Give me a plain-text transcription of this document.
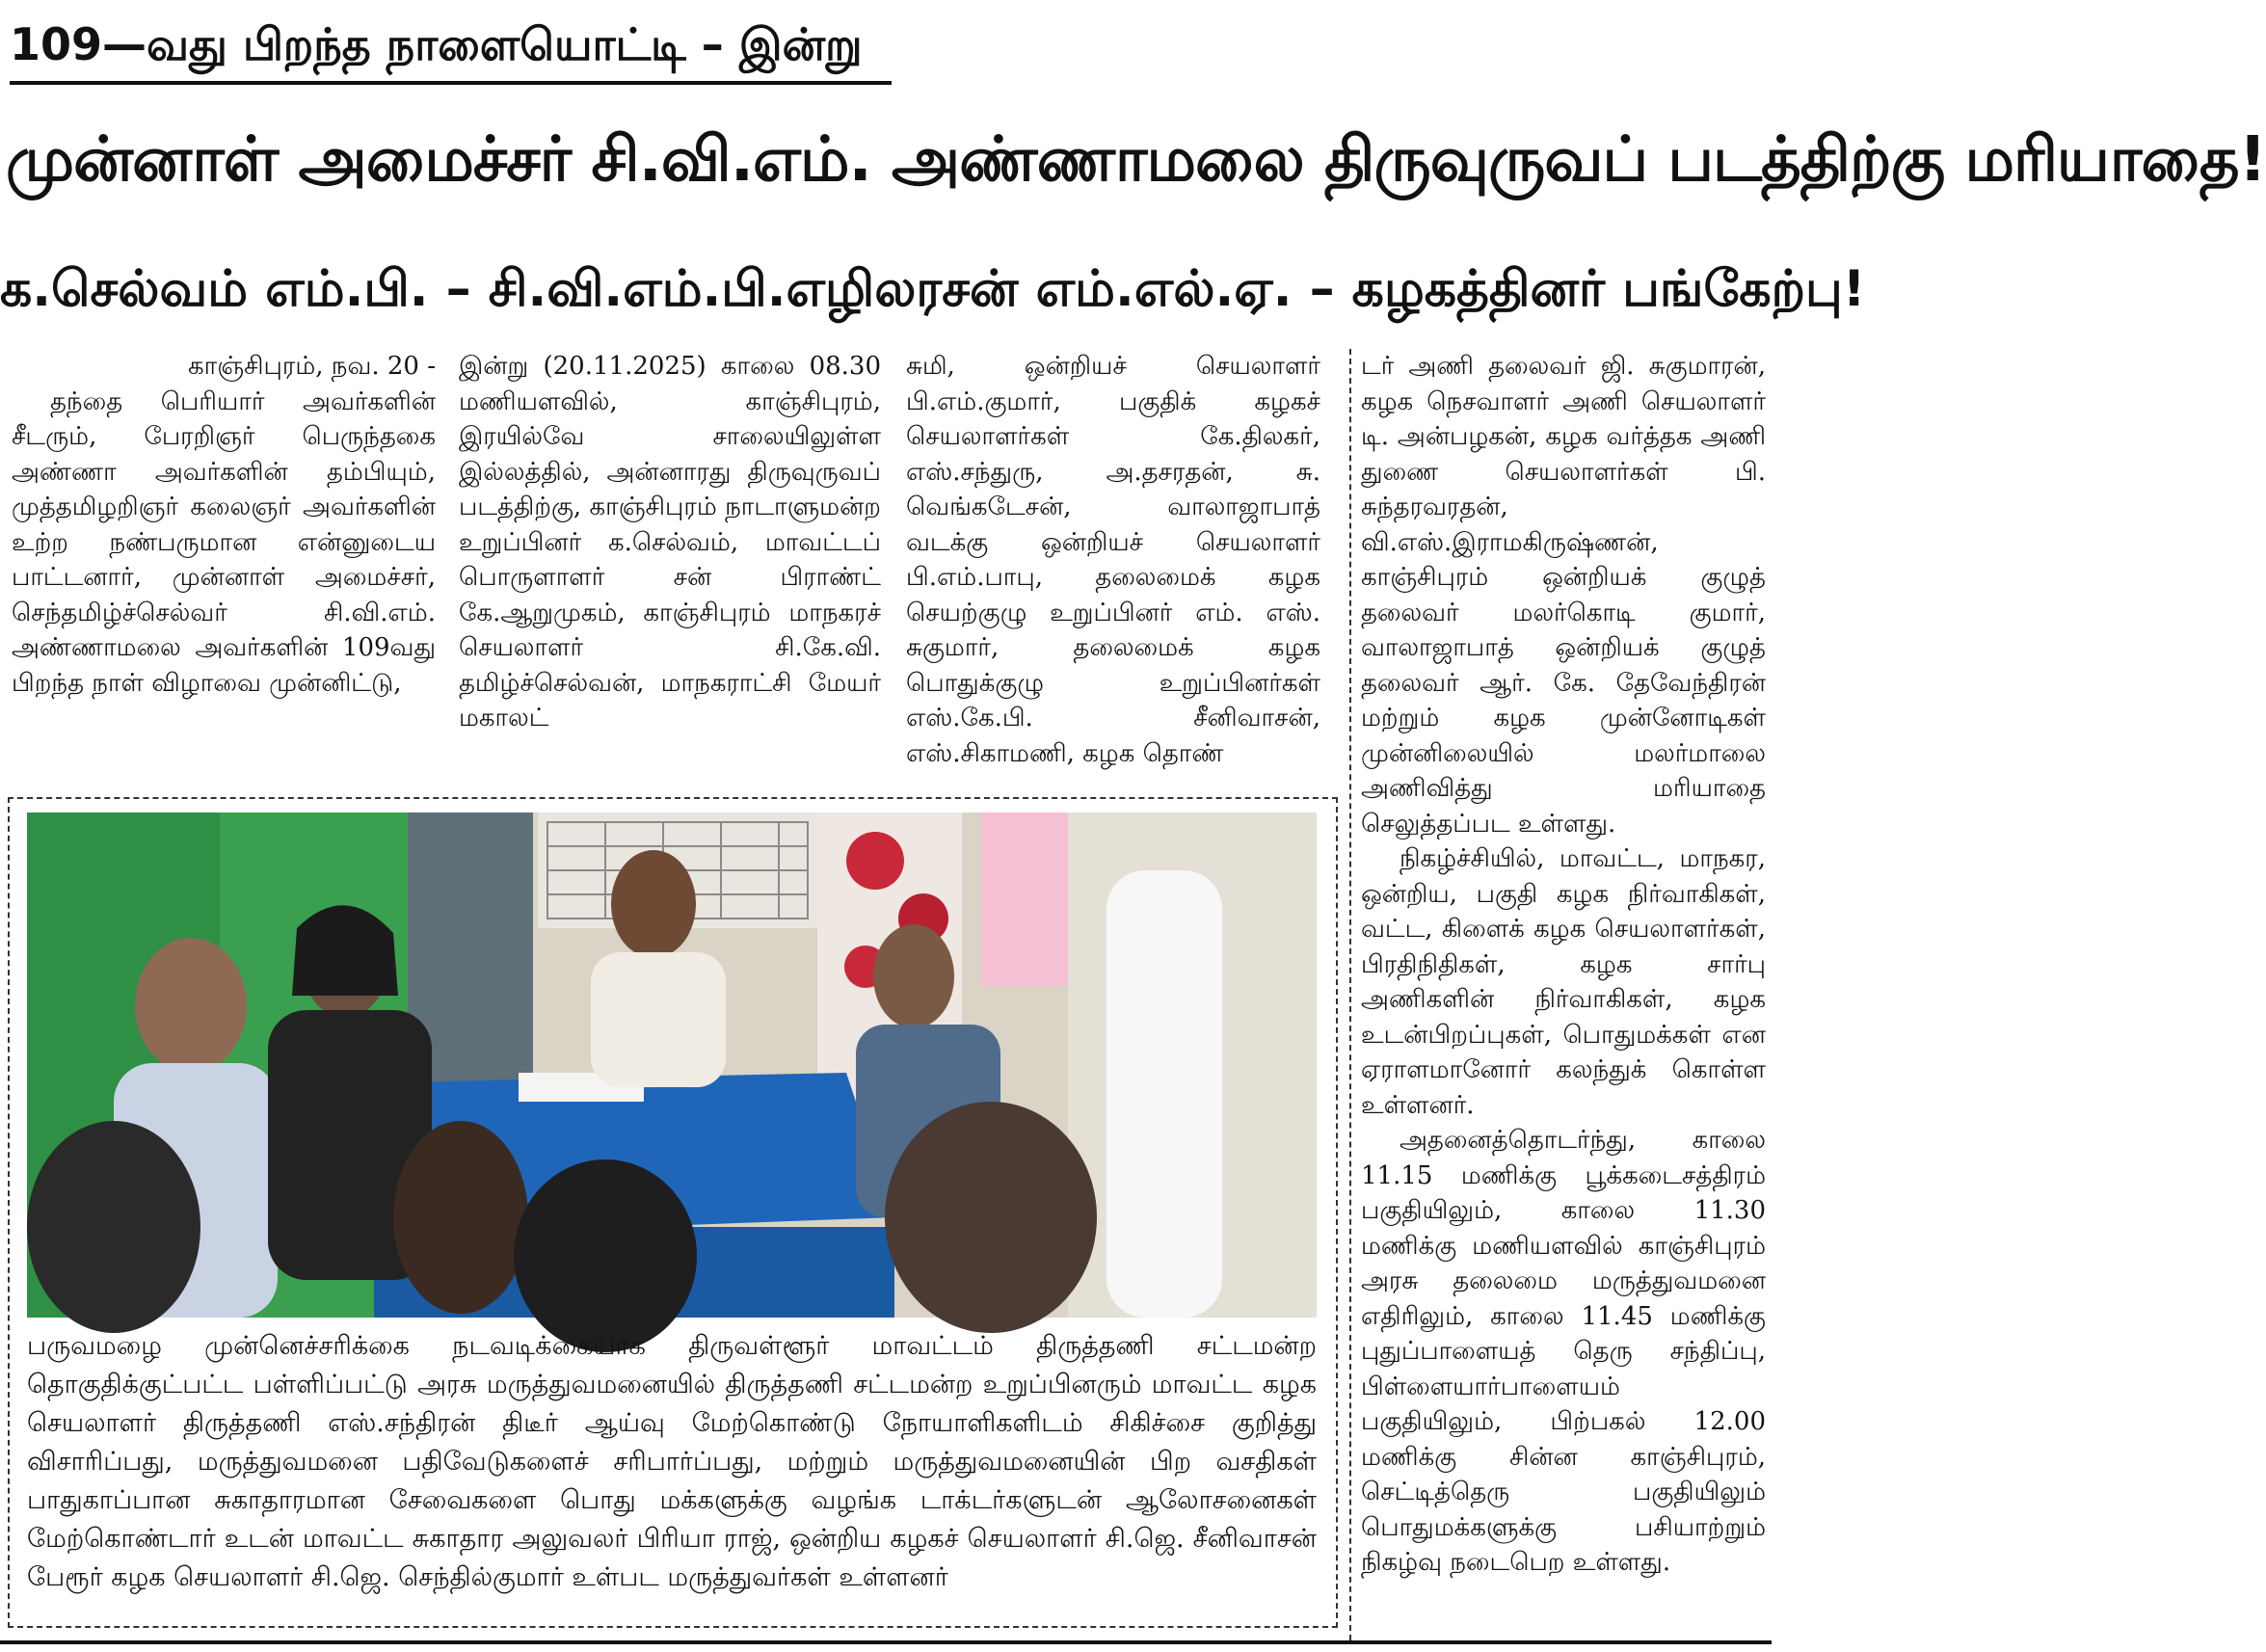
109—வது பிறந்த நாளையொட்டி – இன்று
முன்னாள் அமைச்சர் சி.வி.எம். அண்ணாமலை திருவுருவப் படத்திற்கு மரியாதை!
க.செல்வம் எம்.பி. – சி.வி.எம்.பி.எழிலரசன் எம்.எல்.ஏ. – கழகத்தினர் பங்கேற்பு!

காஞ்சிபுரம், நவ. 20 -

தந்தை பெரியார் அவர்களின் சீடரும், பேரறிஞர் பெருந்தகை அண்ணா அவர்களின் தம்பியும், முத்தமிழறிஞர் கலைஞர் அவர்களின் உற்ற நண்பருமான என்னுடைய பாட்டனார், முன்னாள் அமைச்சர், செந்தமிழ்ச்செல்வர் சி.வி.எம். அண்ணாமலை அவர்களின் 109வது பிறந்த நாள் விழாவை முன்னிட்டு,

இன்று (20.11.2025) காலை 08.30 மணியளவில், காஞ்சிபுரம், இரயில்வே சாலையிலுள்ள இல்லத்தில், அன்னாரது திருவுருவப் படத்திற்கு, காஞ்சிபுரம் நாடாளுமன்ற உறுப்பினர் க.செல்வம், மாவட்டப் பொருளாளர் சன் பிராண்ட் கே.ஆறுமுகம், காஞ்சிபுரம் மாநகரச் செயலாளர் சி.கே.வி. தமிழ்ச்செல்வன், மாநகராட்சி மேயர் மகாலட்

சுமி, ஒன்றியச் செயலாளர் பி.எம்.குமார், பகுதிக் கழகச் செயலாளர்கள் கே.திலகர், எஸ்.சந்துரு, அ.தசரதன், சு. வெங்கடேசன், வாலாஜாபாத் வடக்கு ஒன்றியச் செயலாளர் பி.எம்.பாபு, தலைமைக் கழக செயற்குழு உறுப்பினர் எம். எஸ். சுகுமார், தலைமைக் கழக பொதுக்குழு உறுப்பினர்கள் எஸ்.கே.பி. சீனிவாசன், எஸ்.சிகாமணி, கழக தொண்

டர் அணி தலைவர் ஜி. சுகுமாரன், கழக நெசவாளர் அணி செயலாளர் டி. அன்பழகன், கழக வர்த்தக அணி துணை செயலாளர்கள் பி. சுந்தரவரதன், வி.எஸ்.இராமகிருஷ்ணன், காஞ்சிபுரம் ஒன்றியக் குழுத் தலைவர் மலர்கொடி குமார், வாலாஜாபாத் ஒன்றியக் குழுத் தலைவர் ஆர். கே. தேவேந்திரன் மற்றும் கழக முன்னோடிகள் முன்னிலையில் மலர்மாலை அணிவித்து மரியாதை செலுத்தப்பட உள்ளது.

நிகழ்ச்சியில், மாவட்ட, மாநகர, ஒன்றிய, பகுதி கழக நிர்வாகிகள், வட்ட, கிளைக் கழக செயலாளர்கள், பிரதிநிதிகள், கழக சார்பு அணிகளின் நிர்வாகிகள், கழக உடன்பிறப்புகள், பொதுமக்கள் என ஏராளமானோர் கலந்துக் கொள்ள உள்ளனர்.

அதனைத்தொடர்ந்து, காலை 11.15 மணிக்கு பூக்கடைசத்திரம் பகுதியிலும், காலை 11.30 மணிக்கு மணியளவில் காஞ்சிபுரம் அரசு தலைமை மருத்துவமனை எதிரிலும், காலை 11.45 மணிக்கு புதுப்பாளையத் தெரு சந்திப்பு, பிள்ளையார்பாளையம் பகுதியிலும், பிற்பகல் 12.00 மணிக்கு சின்ன காஞ்சிபுரம், செட்டித்தெரு பகுதியிலும் பொதுமக்களுக்கு பசியாற்றும் நிகழ்வு நடைபெற உள்ளது.

பருவமழை முன்னெச்சரிக்கை நடவடிக்கையாக திருவள்ளூர் மாவட்டம் திருத்தணி சட்டமன்ற தொகுதிக்குட்பட்ட பள்ளிப்பட்டு அரசு மருத்துவமனையில் திருத்தணி சட்டமன்ற உறுப்பினரும் மாவட்ட கழக செயலாளர் திருத்தணி எஸ்.சந்திரன் திடீர் ஆய்வு மேற்கொண்டு நோயாளிகளிடம் சிகிச்சை குறித்து விசாரிப்பது, மருத்துவமனை பதிவேடுகளைச் சரிபார்ப்பது, மற்றும் மருத்துவமனையின் பிற வசதிகள் பாதுகாப்பான சுகாதாரமான சேவைகளை பொது மக்களுக்கு வழங்க டாக்டர்களுடன் ஆலோசனைகள் மேற்கொண்டார் உடன் மாவட்ட சுகாதார அலுவலர் பிரியா ராஜ், ஒன்றிய கழகச் செயலாளர் சி.ஜெ. சீனிவாசன் பேரூர் கழக செயலாளர் சி.ஜெ. செந்தில்குமார் உள்பட மருத்துவர்கள் உள்ளனர்
